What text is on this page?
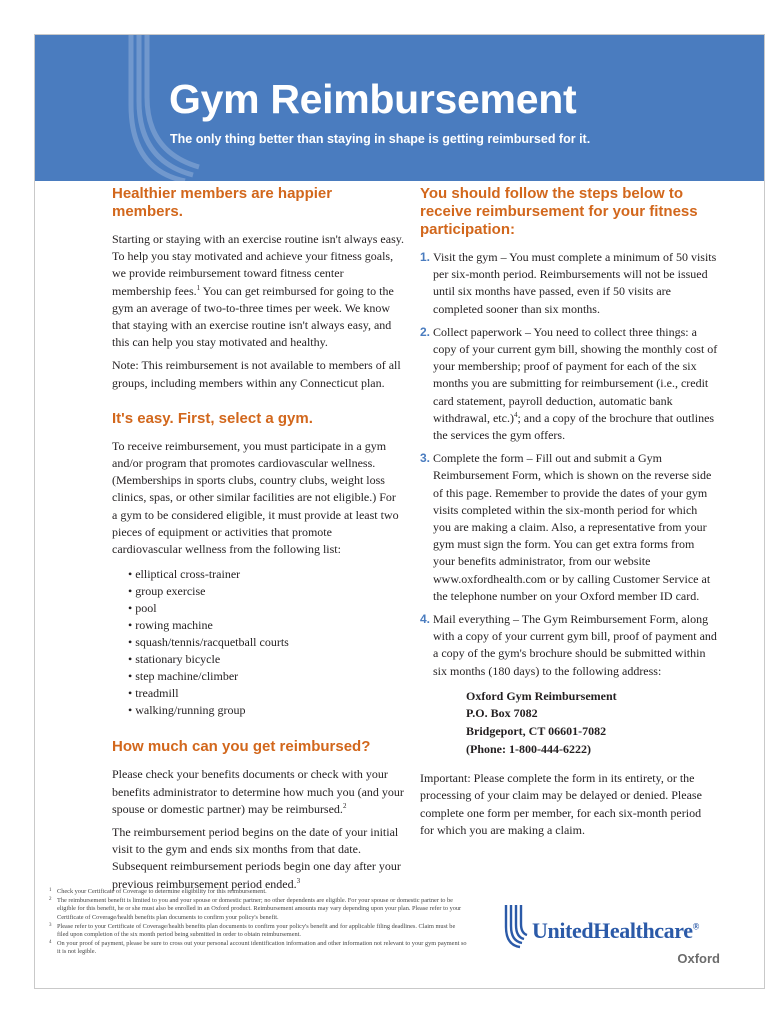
Gym Reimbursement

The only thing better than staying in shape is getting reimbursed for it.

Healthier members are happier members.

Starting or staying with an exercise routine isn't always easy. To help you stay motivated and achieve your fitness goals, we provide reimbursement toward fitness center membership fees.$^1$ You can get reimbursed for going to the gym an average of two-to-three times per week. We know that staying with an exercise routine isn't always easy, and this can help you stay motivated and healthy.

Note: This reimbursement is not available to members of all groups, including members within any Connecticut plan.

It's easy. First, select a gym.

To receive reimbursement, you must participate in a gym and/or program that promotes cardiovascular wellness. (Memberships in sports clubs, country clubs, weight loss clinics, spas, or other similar facilities are not eligible.) For a gym to be considered eligible, it must provide at least two pieces of equipment or activities that promote cardiovascular wellness from the following list:

• elliptical cross-trainer
• group exercise
• pool
• rowing machine
• squash/tennis/racquetball courts
• stationary bicycle
• step machine/climber
• treadmill
• walking/running group
How much can you get reimbursed?

Please check your benefits documents or check with your benefits administrator to determine how much you (and your spouse or domestic partner) may be reimbursed.$^2$

The reimbursement period begins on the date of your initial visit to the gym and ends six months from that date. Subsequent reimbursement periods begin one day after your previous reimbursement period ended.$^3$

You should follow the steps below to receive reimbursement for your fitness participation:
1. Visit the gym – You must complete a minimum of 50 visits per six-month period. Reimbursements will not be issued until six months have passed, even if 50 visits are completed sooner than six months.
2. Collect paperwork – You need to collect three things: a copy of your current gym bill, showing the monthly cost of your membership; proof of payment for each of the six months you are submitting for reimbursement (i.e., credit card statement, payroll deduction, automatic bank withdrawal, etc.)$^4$; and a copy of the brochure that outlines the services the gym offers.
3. Complete the form – Fill out and submit a Gym Reimbursement Form, which is shown on the reverse side of this page. Remember to provide the dates of your gym visits completed within the six-month period for which you are making a claim. Also, a representative from your gym must sign the form. You can get extra forms from your benefits administrator, from our website www.oxfordhealth.com or by calling Customer Service at the telephone number on your Oxford member ID card.
4. Mail everything – The Gym Reimbursement Form, along with a copy of your current gym bill, proof of payment and a copy of the gym's brochure should be submitted within six months (180 days) to the following address:
Oxford Gym Reimbursement
P.O. Box 7082
Bridgeport, CT 06601-7082
(Phone: 1-800-444-6222)

Important: Please complete the form in its entirety, or the processing of your claim may be delayed or denied. Please complete one form per member, for each six-month period for which you are making a claim.

1 Check your Certificate of Coverage to determine eligibility for this reimbursement.
2 The reimbursement benefit is limited to you and your spouse or domestic partner; no other dependents are eligible. For your spouse or domestic partner to be eligible for this benefit, he or she must also be enrolled in an Oxford product. Reimbursement amounts may vary depending upon your plan. Please refer to your Certificate of Coverage/health benefits plan documents to confirm your policy's benefit.
3 Please refer to your Certificate of Coverage/health benefits plan documents to confirm your policy's benefit and for applicable filing deadlines. Claim must be filed upon completion of the six month period being submitted in order to obtain reimbursement.
4 On your proof of payment, please be sure to cross out your personal account identification information and other information not relevant to your gym payment so it is not legible.
UnitedHealthcare®
Oxford
